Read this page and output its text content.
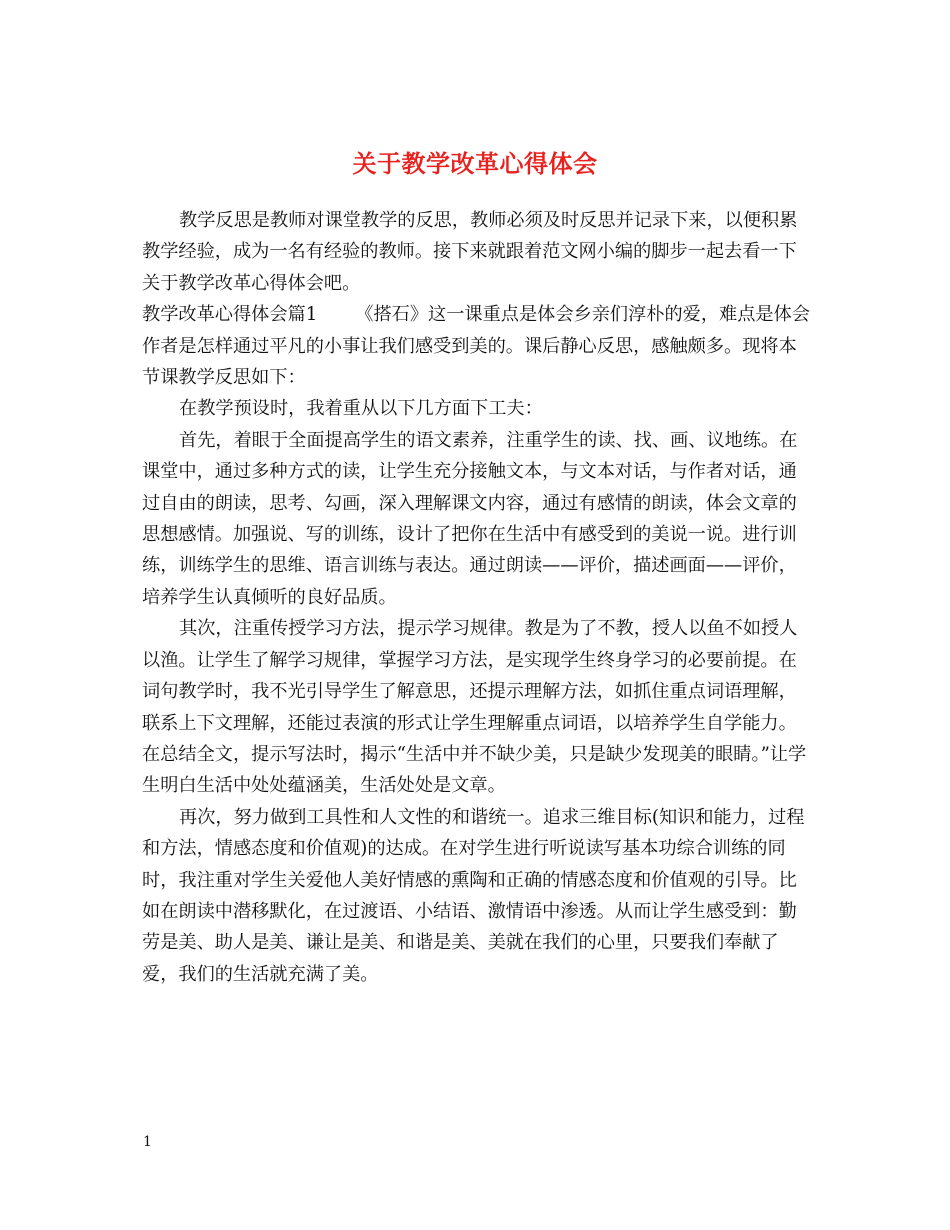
关于教学改革心得体会

教学反思是教师对课堂教学的反思，教师必须及时反思并记录下来，以便积累教学经验，成为一名有经验的教师。接下来就跟着范文网小编的脚步一起去看一下关于教学改革心得体会吧。

教学改革心得体会篇1 《搭石》这一课重点是体会乡亲们淳朴的爱，难点是体会作者是怎样通过平凡的小事让我们感受到美的。课后静心反思，感触颇多。现将本节课教学反思如下：

在教学预设时，我着重从以下几方面下工夫：

首先，着眼于全面提高学生的语文素养，注重学生的读、找、画、议地练。在课堂中，通过多种方式的读，让学生充分接触文本，与文本对话，与作者对话，通过自由的朗读，思考、勾画，深入理解课文内容，通过有感情的朗读，体会文章的思想感情。加强说、写的训练，设计了把你在生活中有感受到的美说一说。进行训练，训练学生的思维、语言训练与表达。通过朗读——评价，描述画面——评价，培养学生认真倾听的良好品质。

其次，注重传授学习方法，提示学习规律。教是为了不教，授人以鱼不如授人以渔。让学生了解学习规律，掌握学习方法，是实现学生终身学习的必要前提。在词句教学时，我不光引导学生了解意思，还提示理解方法，如抓住重点词语理解，联系上下文理解，还能过表演的形式让学生理解重点词语，以培养学生自学能力。在总结全文，提示写法时，揭示“生活中并不缺少美，只是缺少发现美的眼睛。”让学生明白生活中处处蕴涵美，生活处处是文章。

再次，努力做到工具性和人文性的和谐统一。追求三维目标(知识和能力，过程和方法，情感态度和价值观)的达成。在对学生进行听说读写基本功综合训练的同时，我注重对学生关爱他人美好情感的熏陶和正确的情感态度和价值观的引导。比如在朗读中潜移默化，在过渡语、小结语、激情语中渗透。从而让学生感受到：勤劳是美、助人是美、谦让是美、和谐是美、美就在我们的心里，只要我们奉献了爱，我们的生活就充满了美。

1
